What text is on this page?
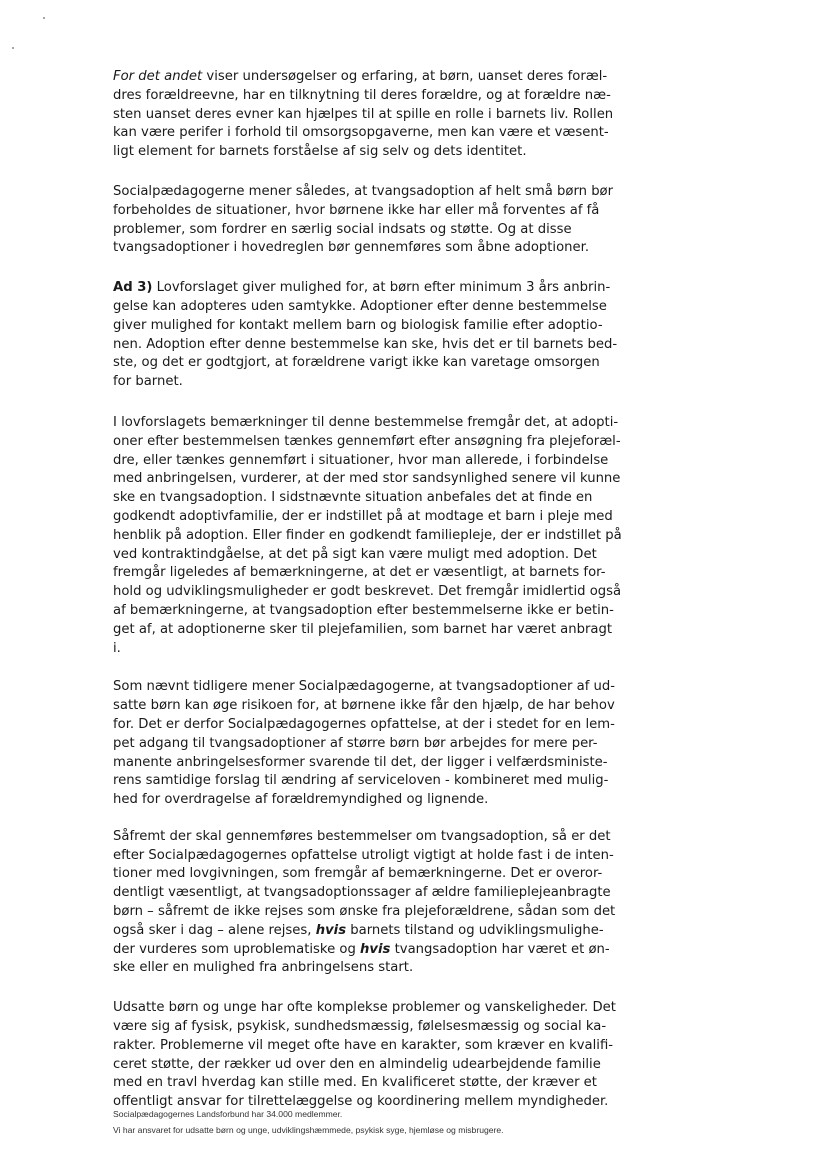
For det andet viser undersøgelser og erfaring, at børn, uanset deres foræl-
dres forældreevne, har en tilknytning til deres forældre, og at forældre næ-
sten uanset deres evner kan hjælpes til at spille en rolle i barnets liv. Rollen
kan være perifer i forhold til omsorgsopgaverne, men kan være et væsent-
ligt element for barnets forståelse af sig selv og dets identitet.

Socialpædagogerne mener således, at tvangsadoption af helt små børn bør
forbeholdes de situationer, hvor børnene ikke har eller må forventes af få
problemer, som fordrer en særlig social indsats og støtte. Og at disse
tvangsadoptioner i hovedreglen bør gennemføres som åbne adoptioner.

Ad 3) Lovforslaget giver mulighed for, at børn efter minimum 3 års anbrin-
gelse kan adopteres uden samtykke. Adoptioner efter denne bestemmelse
giver mulighed for kontakt mellem barn og biologisk familie efter adoptio-
nen. Adoption efter denne bestemmelse kan ske, hvis det er til barnets bed-
ste, og det er godtgjort, at forældrene varigt ikke kan varetage omsorgen
for barnet.

I lovforslagets bemærkninger til denne bestemmelse fremgår det, at adopti-
oner efter bestemmelsen tænkes gennemført efter ansøgning fra plejeforæl-
dre, eller tænkes gennemført i situationer, hvor man allerede, i forbindelse
med anbringelsen, vurderer, at der med stor sandsynlighed senere vil kunne
ske en tvangsadoption. I sidstnævnte situation anbefales det at finde en
godkendt adoptivfamilie, der er indstillet på at modtage et barn i pleje med
henblik på adoption. Eller finder en godkendt familiepleje, der er indstillet på
ved kontraktindgåelse, at det på sigt kan være muligt med adoption. Det
fremgår ligeledes af bemærkningerne, at det er væsentligt, at barnets for-
hold og udviklingsmuligheder er godt beskrevet. Det fremgår imidlertid også
af bemærkningerne, at tvangsadoption efter bestemmelserne ikke er betin-
get af, at adoptionerne sker til plejefamilien, som barnet har været anbragt
i.

Som nævnt tidligere mener Socialpædagogerne, at tvangsadoptioner af ud-
satte børn kan øge risikoen for, at børnene ikke får den hjælp, de har behov
for. Det er derfor Socialpædagogernes opfattelse, at der i stedet for en lem-
pet adgang til tvangsadoptioner af større børn bør arbejdes for mere per-
manente anbringelsesformer svarende til det, der ligger i velfærdsministe-
rens samtidige forslag til ændring af serviceloven - kombineret med mulig-
hed for overdragelse af forældremyndighed og lignende.

Såfremt der skal gennemføres bestemmelser om tvangsadoption, så er det
efter Socialpædagogernes opfattelse utroligt vigtigt at holde fast i de inten-
tioner med lovgivningen, som fremgår af bemærkningerne. Det er overor-
dentligt væsentligt, at tvangsadoptionssager af ældre familieplejeanbragte
børn – såfremt de ikke rejses som ønske fra plejeforældrene, sådan som det
også sker i dag – alene rejses, hvis barnets tilstand og udviklingsmulighe-
der vurderes som uproblematiske og hvis tvangsadoption har været et øn-
ske eller en mulighed fra anbringelsens start.

Udsatte børn og unge har ofte komplekse problemer og vanskeligheder. Det
være sig af fysisk, psykisk, sundhedsmæssig, følelsesmæssig og social ka-
rakter. Problemerne vil meget ofte have en karakter, som kræver en kvalifi-
ceret støtte, der rækker ud over den en almindelig udearbejdende familie
med en travl hverdag kan stille med. En kvalificeret støtte, der kræver et
offentligt ansvar for tilrettelæggelse og koordinering mellem myndigheder.

Socialpædagogernes Landsforbund har 34.000 medlemmer.
Vi har ansvaret for udsatte børn og unge, udviklingshæmmede, psykisk syge, hjemløse og misbrugere.
